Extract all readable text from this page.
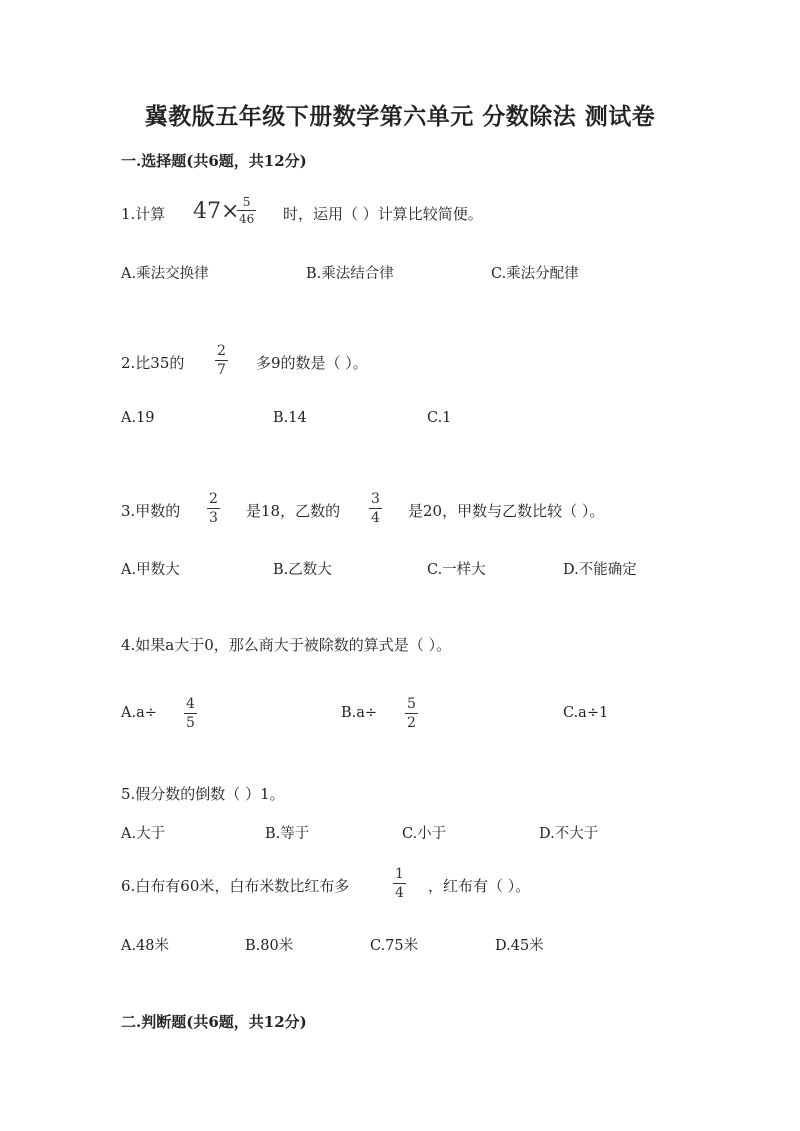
冀教版五年级下册数学第六单元 分数除法 测试卷
一.选择题(共6题，共12分)
1.计算 47×
$\frac{5}{46}$ 时，运用（ ）计算比较简便。
A.乘法交换律	B.乘法结合律	C.乘法分配律
2.比35的 $\frac{2}{7}$ 多9的数是（ ）。
A.19	B.14	C.1
3.甲数的 $\frac{2}{3}$ 是18，乙数的 $\frac{3}{4}$ 是20，甲数与乙数比较（ ）。
A.甲数大	B.乙数大	C.一样大	D.不能确定
4.如果a大于0，那么商大于被除数的算式是（ ）。
$A.a\div \frac{4}{5}$	$B.a\div \frac{5}{2}$	C.a÷1
5.假分数的倒数（ ）1。
A.大于	B.等于	C.小于	D.不大于
6.白布有60米，白布米数比红布多	$\frac{1}{4}$ ，红布有（ ）。
A.48米	B.80米	C.75米	D.45米
二.判断题(共6题，共12分)
